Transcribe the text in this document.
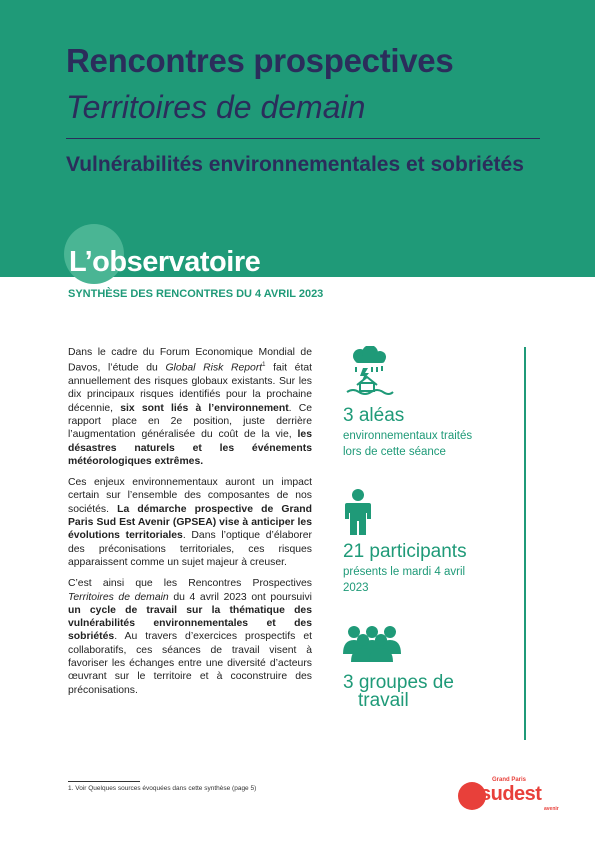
Rencontres prospectives
Territoires de demain
Vulnérabilités environnementales et sobriétés
L’observatoire
SYNTHÈSE DES RENCONTRES DU 4 AVRIL 2023

Dans le cadre du Forum Economique Mondial de Davos, l’étude du Global Risk Report$^1$ fait état annuellement des risques globaux existants. Sur les dix principaux risques identifiés pour la prochaine décennie, six sont liés à l’environnement. Ce rapport place en 2e position, juste derrière l’augmentation généralisée du coût de la vie, les désastres naturels et les événements météorologiques extrêmes.

Ces enjeux environnementaux auront un impact certain sur l’ensemble des composantes de nos sociétés. La démarche prospective de Grand Paris Sud Est Avenir (GPSEA) vise à anticiper les évolutions territoriales. Dans l’optique d’élaborer des préconisations territoriales, ces risques apparaissent comme un sujet majeur à creuser.

C’est ainsi que les Rencontres Prospectives Territoires de demain du 4 avril 2023 ont poursuivi un cycle de travail sur la thématique des vulnérabilités environnementales et des sobriétés. Au travers d’exercices prospectifs et collaboratifs, ces séances de travail visent à favoriser les échanges entre une diversité d’acteurs œuvrant sur le territoire et à coconstruire des préconisations.

3 aléas
environnementaux traités
lors de cette séance
21 participants
présents le mardi 4 avril
2023
3 groupes de
travail
1. Voir Quelques sources évoquées dans cette synthèse (page 5)
Grand Paris
sudest
avenir
